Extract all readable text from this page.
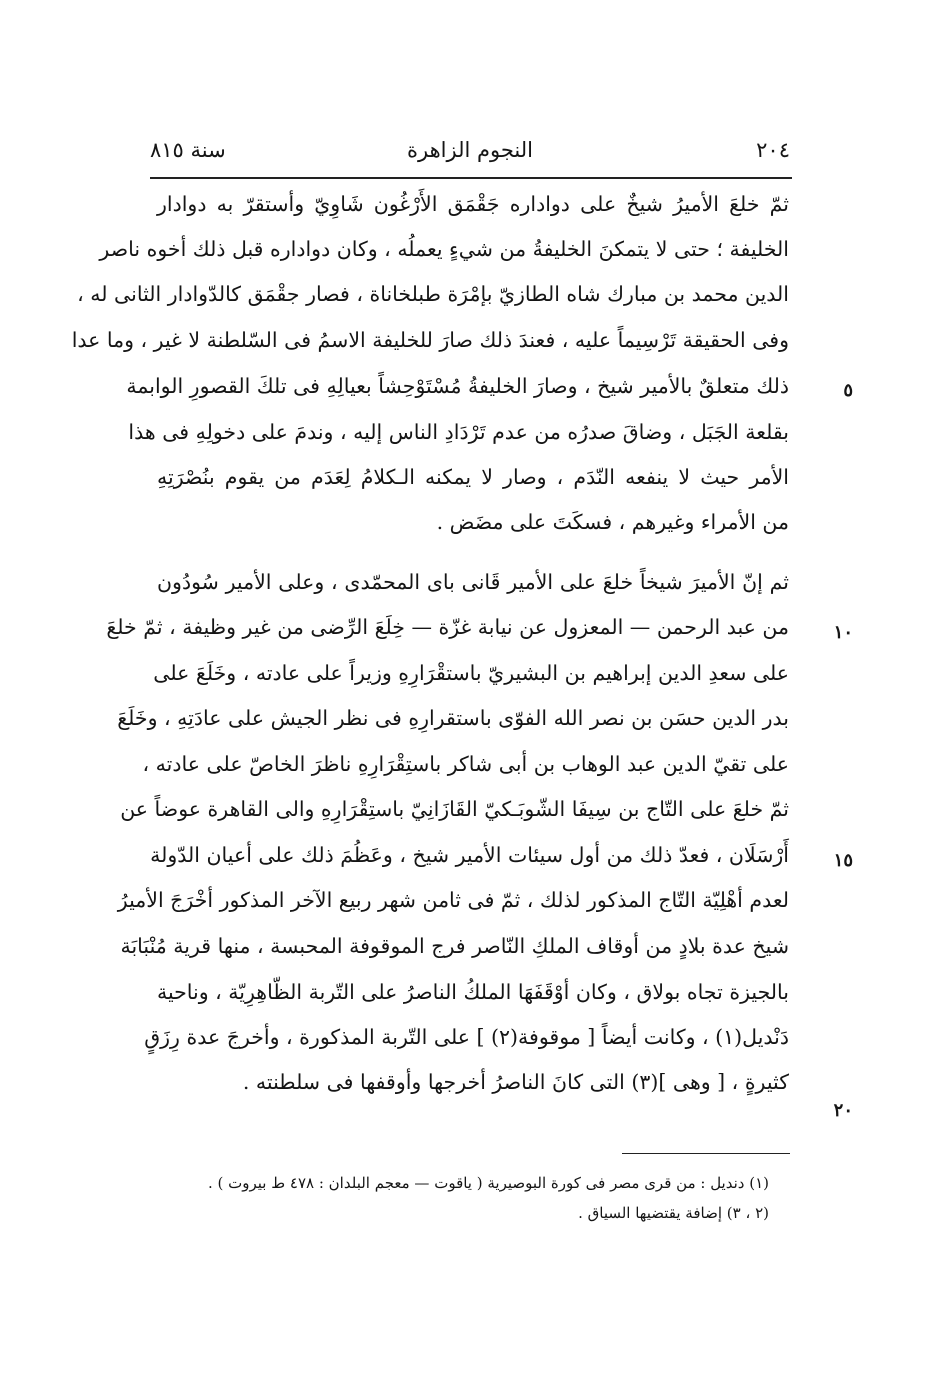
٢٠٤
النجوم الزاهرة
سنة ٨١٥
ثمّ خلعَ الأميرُ شيخٌ على دواداره جَقْمَق الأَرْغُون شَاوِيّ وأستقرّ به دوادار
الخليفة ؛ حتى لا يتمكنَ الخليفةُ من شيءٍ يعملُه ، وكان دواداره قبل ذلك أخوه ناصر
الدين محمد بن مبارك شاه الطازيّ بإمْرَة طبلخاناة ، فصار جقْمَق كالدّوادار الثانى له ،
وفى الحقيقة تَرْسِيماً عليه ، فعندَ ذلك صارَ للخليفة الاسمُ فى السّلطنة لا غير ، وما عدا
ذلك متعلقٌ بالأمير شيخ ، وصارَ الخليفةُ مُسْتَوْحِشاً بعيالِهِ فى تلكَ القصورِ الوابمة
بقلعة الجَبَل ، وضاقَ صدرُه من عدم تَرْدَادِ الناس إليه ، وندمَ على دخولِهِ فى هذا
الأمر حيث لا ينفعه النّدَم ، وصار لا يمكنه الـكلامُ لِعَدَم من يقوم بنُصْرَتِهِ
من الأمراء وغيرهم ، فسكَتَ على مضَض .
ثم إنّ الأميرَ شيخاً خلعَ على الأمير قَانى باى المحمّدى ، وعلى الأمير سُودُون
من عبد الرحمن — المعزول عن نيابة غزّة — خِلَعَ الرِّضى من غير وظيفة ، ثمّ خلعَ
على سعدِ الدين إبراهيم بن البشيريّ باستقْرَارِهِ وزيراً على عادته ، وخَلَعَ على
بدر الدين حسَن بن نصر الله الفوّى باستقرارِهِ فى نظر الجيش على عادَتِهِ ، وخَلَعَ
على تقيّ الدين عبد الوهاب بن أبى شاكر باستِقْرَارِهِ ناظرَ الخاصّ على عادته ،
ثمّ خلعَ على التّاج بن سِيفَا الشّوبَـكيّ القَازَانِيّ باستِقْرَارِهِ والى القاهرة عوضاً عن
أَرْسَلَان ، فعدّ ذلك من أول سيئات الأمير شيخ ، وعَظُمَ ذلك على أعيان الدّولة
لعدم أهْلِيّة التّاج المذكور لذلك ، ثمّ فى ثامن شهر ربيع الآخر المذكور أخْرَجَ الأميرُ
شيخ عدة بلادٍ من أوقاف الملكِ النّاصر فرج الموقوفة المحبسة ، منها قرية مُنْبَابَة
بالجيزة تجاه بولاق ، وكان أوْقَفَهَا الملكُ الناصرُ على التّربة الظّاهِرِيّة ، وناحية
دَنْديل(١) ، وكانت أيضاً [ موقوفة(٢) ] على التّربة المذكورة ، وأخرجَ عدة رِزَقٍ
كثيرةٍ ، [ وهى ](٣) التى كانَ الناصرُ أخرجها وأوقفها فى سلطنته .
٥
١٠
١٥
٢٠
(١) دنديل : من قرى مصر فى كورة البوصيرية ( ياقوت — معجم البلدان : ٤٧٨ ط بيروت ) .
(٢ ، ٣) إضافة يقتضيها السياق .
